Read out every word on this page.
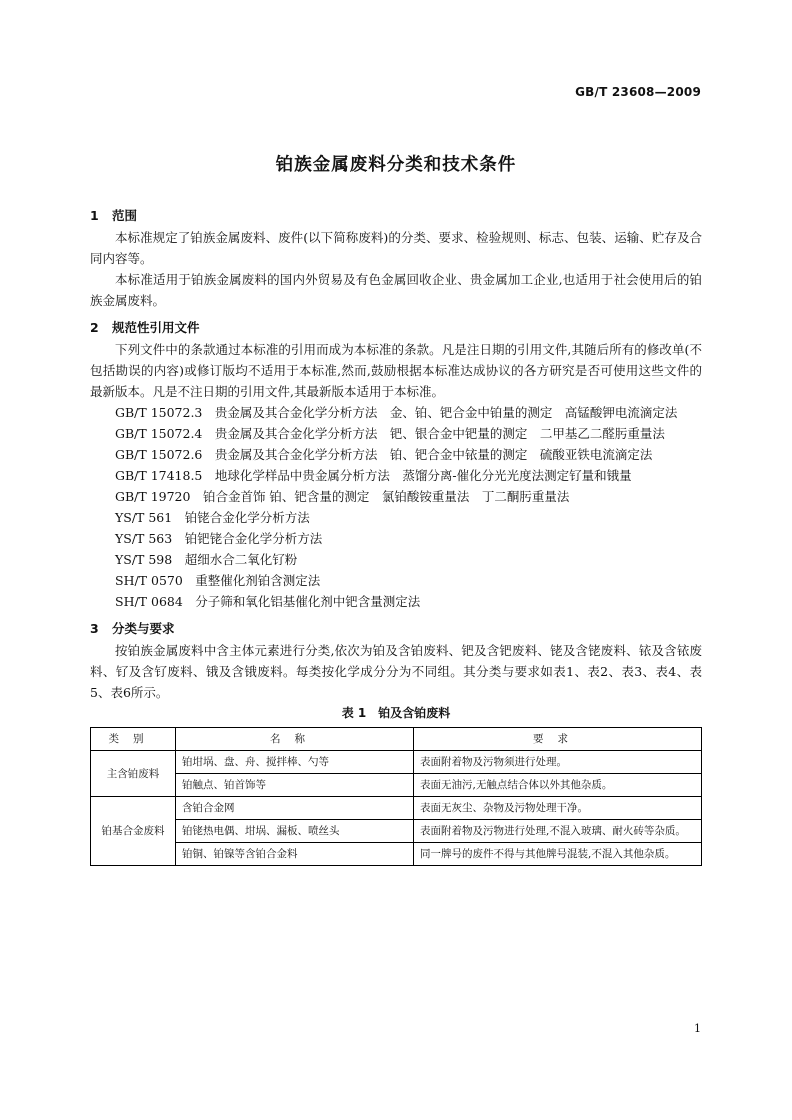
GB/T 23608—2009
铂族金属废料分类和技术条件
1 范围

本标准规定了铂族金属废料、废件(以下简称废料)的分类、要求、检验规则、标志、包装、运输、贮存及合同内容等。

本标准适用于铂族金属废料的国内外贸易及有色金属回收企业、贵金属加工企业,也适用于社会使用后的铂族金属废料。

2 规范性引用文件

下列文件中的条款通过本标准的引用而成为本标准的条款。凡是注日期的引用文件,其随后所有的修改单(不包括勘误的内容)或修订版均不适用于本标准,然而,鼓励根据本标准达成协议的各方研究是否可使用这些文件的最新版本。凡是不注日期的引用文件,其最新版本适用于本标准。

GB/T 15072.3　贵金属及其合金化学分析方法　金、铂、钯合金中铂量的测定　高锰酸钾电流滴定法
GB/T 15072.4　贵金属及其合金化学分析方法　钯、银合金中钯量的测定　二甲基乙二醛肟重量法
GB/T 15072.6　贵金属及其合金化学分析方法　铂、钯合金中铱量的测定　硫酸亚铁电流滴定法
GB/T 17418.5　地球化学样品中贵金属分析方法　蒸馏分离-催化分光光度法测定钌量和锇量
GB/T 19720　铂合金首饰 铂、钯含量的测定　氯铂酸铵重量法　丁二酮肟重量法
YS/T 561　铂铑合金化学分析方法
YS/T 563　铂钯铑合金化学分析方法
YS/T 598　超细水合二氧化钌粉
SH/T 0570　重整催化剂铂含测定法
SH/T 0684　分子筛和氧化铝基催化剂中钯含量测定法
3 分类与要求

按铂族金属废料中含主体元素进行分类,依次为铂及含铂废料、钯及含钯废料、铑及含铑废料、铱及含铱废料、钌及含钌废料、锇及含锇废料。每类按化学成分分为不同组。其分类与要求如表1、表2、表3、表4、表5、表6所示。

表 1　铂及含铂废料
类别	名称	要求
主含铂废料	铂坩埚、盘、舟、搅拌棒、勺等	表面附着物及污物须进行处理。
	铂触点、铂首饰等	表面无油污,无触点结合体以外其他杂质。
铂基合金废料	含铂合金网	表面无灰尘、杂物及污物处理干净。
	铂铑热电偶、坩埚、漏板、喷丝头	表面附着物及污物进行处理,不混入玻璃、耐火砖等杂质。
	铂铜、铂镍等含铂合金料	同一牌号的废件不得与其他牌号混装,不混入其他杂质。
1
